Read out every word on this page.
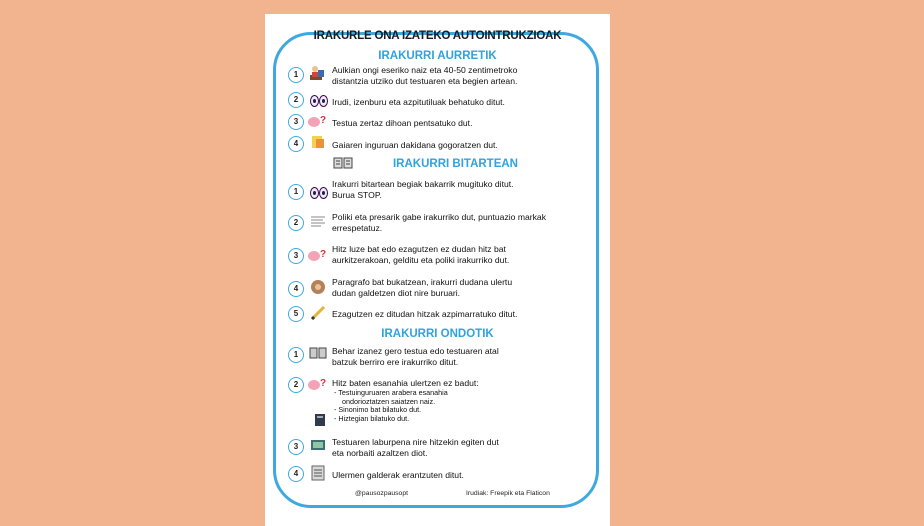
IRAKURLE ONA IZATEKO AUTOINTRUKZIOAK
IRAKURRI AURRETIK
1	Aulkian ongi eseriko naiz eta 40-50 zentimetroko
distantzia utziko dut testuaren eta begien artean.
2	Irudi, izenburu eta azpitutiluak behatuko ditut.
3	? Testua zertaz dihoan pentsatuko dut.
4	Gaiaren inguruan dakidana gogoratzen dut.
IRAKURRI BITARTEAN
1
Irakurri bitartean begiak bakarrik mugituko ditut.
Burua STOP.
2
Poliki eta presarik gabe irakurriko dut, puntuazio markak
errespetatuz.
3	? Hitz luze bat edo ezagutzen ez dudan hitz bat
aurkitzerakoan, gelditu eta poliki irakurriko dut.
4
Paragrafo bat bukatzean, irakurri dudana ulertu
dudan galdetzen diot nire buruari.
5	Ezagutzen ez ditudan hitzak azpimarratuko ditut.
IRAKURRI ONDOTIK
1	Behar izanez gero testua edo testuaren atal
batzuk berriro ere irakurriko ditut.
2	? Hitz baten esanahia ulertzen ez badut:
- Testuinguruaren arabera esanahia
ondorioztatzen saiatzen naiz.
- Sinonimo bat bilatuko dut.
- Hiztegian bilatuko dut.
3	Testuaren laburpena nire hitzekin egiten dut
eta norbaiti azaltzen diot.
4	Ulermen galderak erantzuten ditut.
@pausozpausopt	Irudiak: Freepik eta Flaticon
